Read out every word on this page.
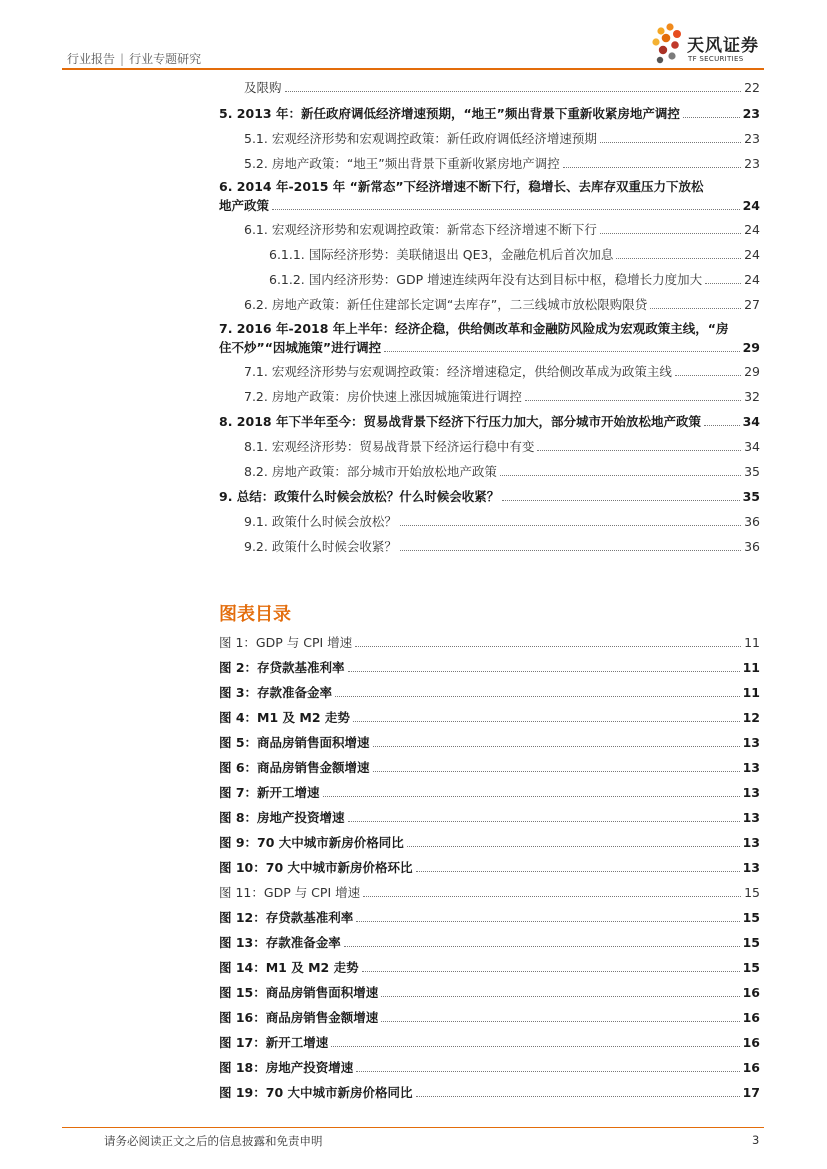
行业报告 | 行业专题研究
天风证券
TF SECURITIES
及限购	22
5. 2013 年：新任政府调低经济增速预期，“地王”频出背景下重新收紧房地产调控	23
5.1. 宏观经济形势和宏观调控政策：新任政府调低经济增速预期	23
5.2. 房地产政策：“地王”频出背景下重新收紧房地产调控	23
6. 2014 年-2015 年 “新常态”下经济增速不断下行，稳增长、去库存双重压力下放松
地产政策	24
6.1. 宏观经济形势和宏观调控政策：新常态下经济增速不断下行	24
6.1.1. 国际经济形势：美联储退出 QE3，金融危机后首次加息	24
6.1.2. 国内经济形势：GDP 增速连续两年没有达到目标中枢，稳增长力度加大	24
6.2. 房地产政策：新任住建部长定调“去库存”，二三线城市放松限购限贷	27
7. 2016 年-2018 年上半年：经济企稳，供给侧改革和金融防风险成为宏观政策主线，“房
住不炒”“因城施策”进行调控	29
7.1. 宏观经济形势与宏观调控政策：经济增速稳定，供给侧改革成为政策主线	29
7.2. 房地产政策：房价快速上涨因城施策进行调控	32
8. 2018 年下半年至今：贸易战背景下经济下行压力加大，部分城市开始放松地产政策	34
8.1. 宏观经济形势：贸易战背景下经济运行稳中有变	34
8.2. 房地产政策：部分城市开始放松地产政策	35
9. 总结：政策什么时候会放松？什么时候会收紧？	35
9.1. 政策什么时候会放松？	36
9.2. 政策什么时候会收紧？	36
图表目录
图 1：GDP 与 CPI 增速	11
图 2：存贷款基准利率	11
图 3：存款准备金率	11
图 4：M1 及 M2 走势	12
图 5：商品房销售面积增速	13
图 6：商品房销售金额增速	13
图 7：新开工增速	13
图 8：房地产投资增速	13
图 9：70 大中城市新房价格同比	13
图 10：70 大中城市新房价格环比	13
图 11：GDP 与 CPI 增速	15
图 12：存贷款基准利率	15
图 13：存款准备金率	15
图 14：M1 及 M2 走势	15
图 15：商品房销售面积增速	16
图 16：商品房销售金额增速	16
图 17：新开工增速	16
图 18：房地产投资增速	16
图 19：70 大中城市新房价格同比	17
请务必阅读正文之后的信息披露和免责申明	3
